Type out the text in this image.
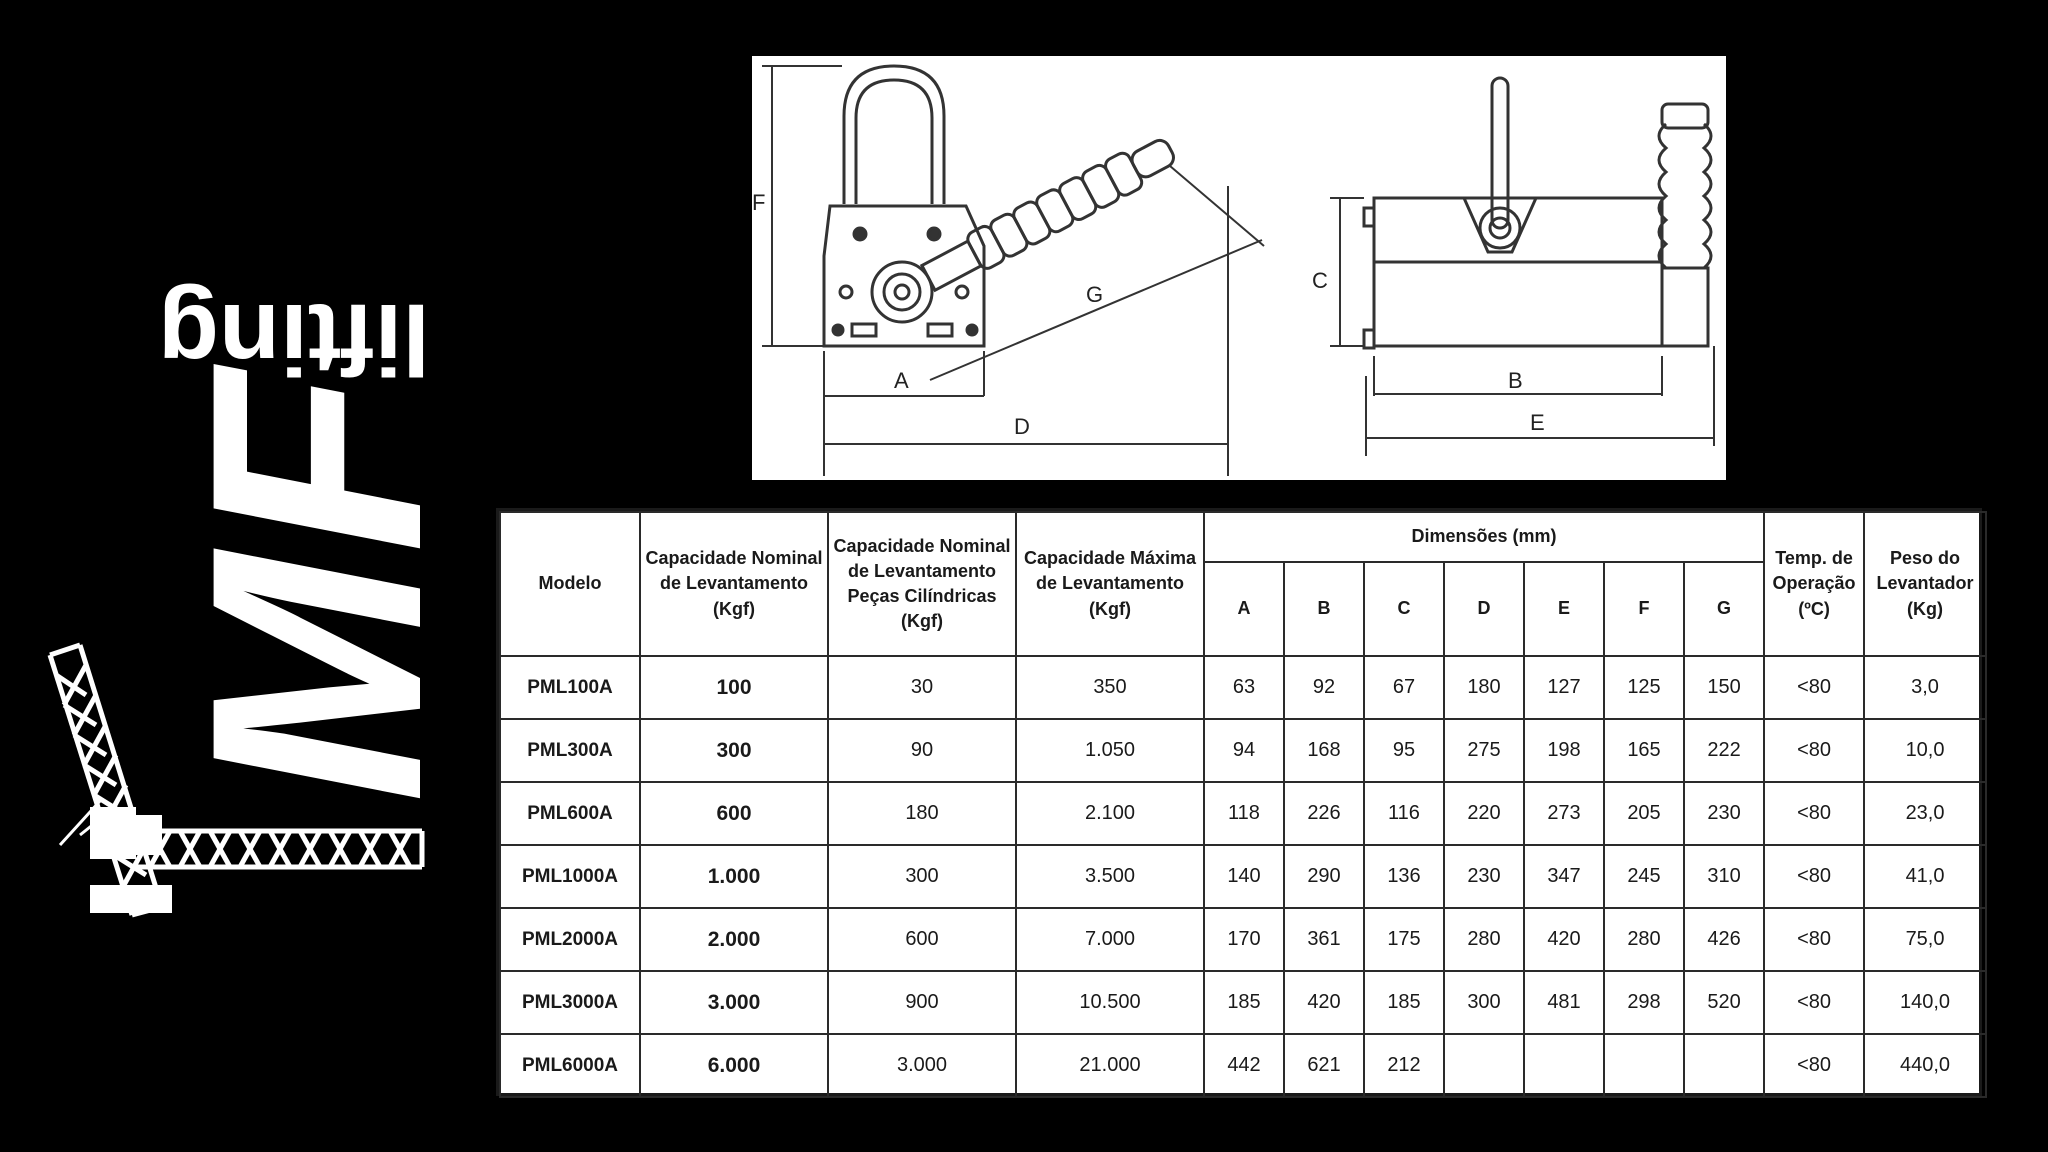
MF
lifting
F
G
A
D
C
B
E
Modelo	Capacidade Nominal de Levantamento (Kgf)	Capacidade Nominal de Levantamento Peças Cilíndricas (Kgf)	Capacidade Máxima de Levantamento (Kgf)	Dimensões (mm)							Temp. de Operação (ºC)	Peso do Levantador (Kg)
				A	B	C	D	E	F	G		
PML100A	100	30	350	63	92	67	180	127	125	150	<80	3,0
PML300A	300	90	1.050	94	168	95	275	198	165	222	<80	10,0
PML600A	600	180	2.100	118	226	116	220	273	205	230	<80	23,0
PML1000A	1.000	300	3.500	140	290	136	230	347	245	310	<80	41,0
PML2000A	2.000	600	7.000	170	361	175	280	420	280	426	<80	75,0
PML3000A	3.000	900	10.500	185	420	185	300	481	298	520	<80	140,0
PML6000A	6.000	3.000	21.000	442	621	212					<80	440,0
